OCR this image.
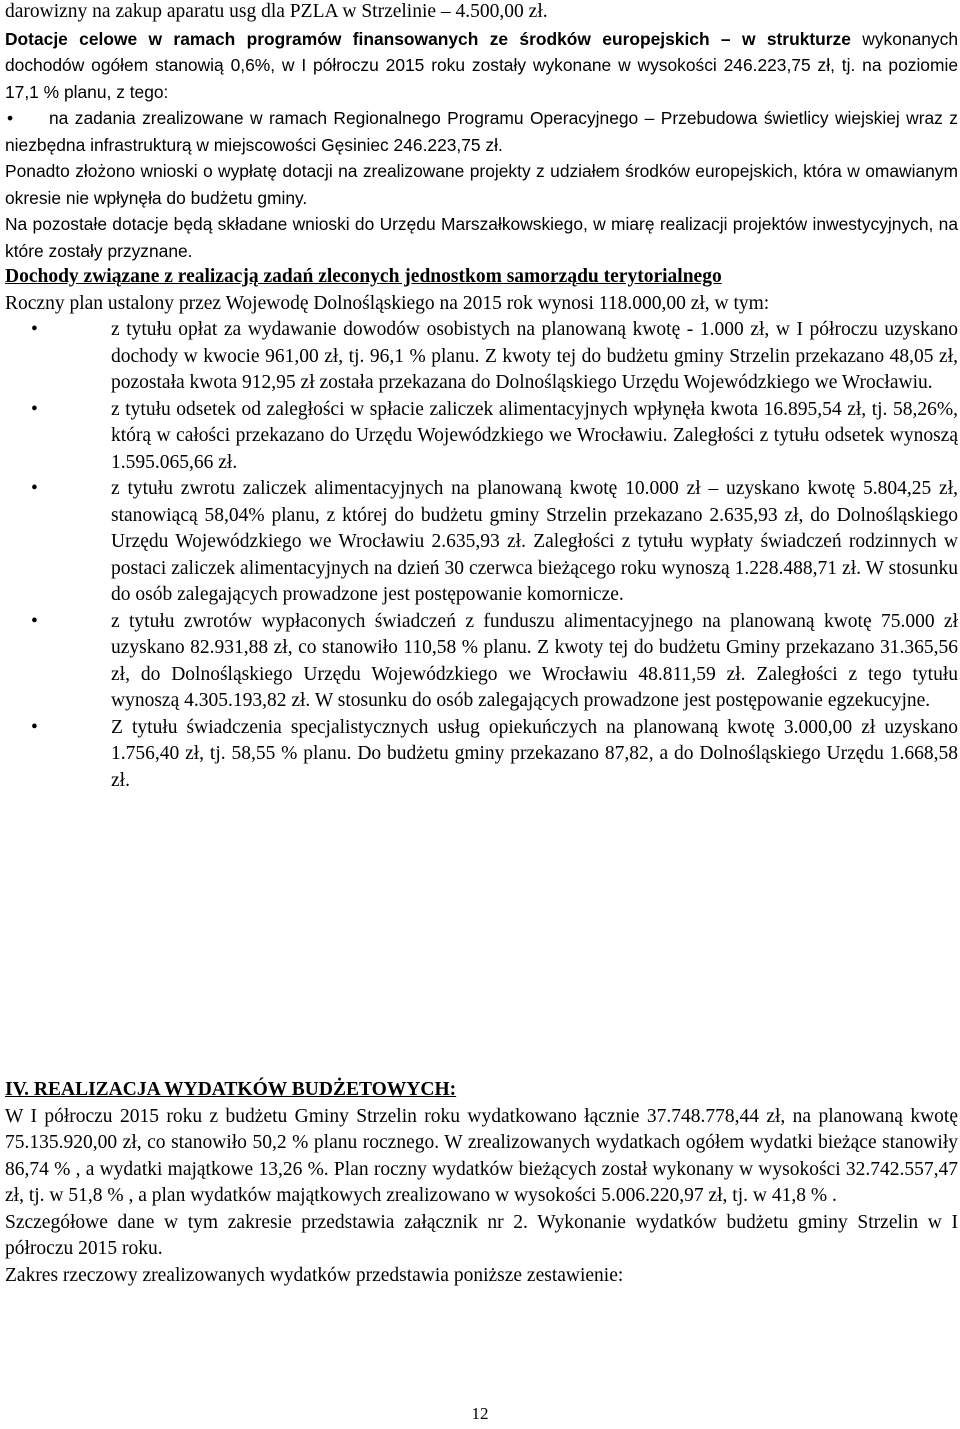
darowizny na zakup aparatu usg dla PZLA w Strzelinie – 4.500,00 zł.

Dotacje celowe w ramach programów finansowanych ze środków europejskich – w strukturze wykonanych dochodów ogółem stanowią 0,6%, w I półroczu 2015 roku zostały wykonane w wysokości 246.223,75 zł, tj. na poziomie 17,1 % planu, z tego:

•	na zadania zrealizowane w ramach Regionalnego Programu Operacyjnego – Przebudowa świetlicy wiejskiej wraz z niezbędna infrastrukturą w miejscowości Gęsiniec 246.223,75 zł.

Ponadto złożono wnioski o wypłatę dotacji na zrealizowane projekty z udziałem środków europejskich, która w omawianym okresie nie wpłynęła do budżetu gminy.

Na pozostałe dotacje będą składane wnioski do Urzędu Marszałkowskiego, w miarę realizacji projektów inwestycyjnych, na które zostały przyznane.

Dochody związane z realizacją zadań zleconych jednostkom samorządu terytorialnego

Roczny plan ustalony przez Wojewodę Dolnośląskiego na 2015 rok wynosi 118.000,00 zł, w tym:

•	z tytułu opłat za wydawanie dowodów osobistych na planowaną kwotę - 1.000 zł, w I półroczu uzyskano dochody w kwocie 961,00 zł, tj. 96,1 % planu. Z kwoty tej do budżetu gminy Strzelin przekazano 48,05 zł, pozostała kwota 912,95 zł została przekazana do Dolnośląskiego Urzędu Wojewódzkiego we Wrocławiu.
•	z tytułu odsetek od zaległości w spłacie zaliczek alimentacyjnych wpłynęła kwota 16.895,54 zł, tj. 58,26%, którą w całości przekazano do Urzędu Wojewódzkiego we Wrocławiu. Zaległości z tytułu odsetek wynoszą 1.595.065,66 zł.
•	z tytułu zwrotu zaliczek alimentacyjnych na planowaną kwotę 10.000 zł – uzyskano kwotę 5.804,25 zł, stanowiącą 58,04% planu, z której do budżetu gminy Strzelin przekazano 2.635,93 zł, do Dolnośląskiego Urzędu Wojewódzkiego we Wrocławiu 2.635,93 zł. Zaległości z tytułu wypłaty świadczeń rodzinnych w postaci zaliczek alimentacyjnych na dzień 30 czerwca bieżącego roku wynoszą 1.228.488,71 zł. W stosunku do osób zalegających prowadzone jest postępowanie komornicze.
•	z tytułu zwrotów wypłaconych świadczeń z funduszu alimentacyjnego na planowaną kwotę 75.000 zł uzyskano 82.931,88 zł, co stanowiło 110,58 % planu. Z kwoty tej do budżetu Gminy przekazano 31.365,56 zł, do Dolnośląskiego Urzędu Wojewódzkiego we Wrocławiu 48.811,59 zł. Zaległości z tego tytułu wynoszą 4.305.193,82 zł. W stosunku do osób zalegających prowadzone jest postępowanie egzekucyjne.
•	Z tytułu świadczenia specjalistycznych usług opiekuńczych na planowaną kwotę 3.000,00 zł uzyskano 1.756,40 zł, tj. 58,55 % planu. Do budżetu gminy przekazano 87,82, a do Dolnośląskiego Urzędu 1.668,58 zł.

IV. REALIZACJA WYDATKÓW BUDŻETOWYCH:

W I półroczu 2015 roku z budżetu Gminy Strzelin roku wydatkowano łącznie 37.748.778,44 zł, na planowaną kwotę 75.135.920,00 zł, co stanowiło 50,2 % planu rocznego. W zrealizowanych wydatkach ogółem wydatki bieżące stanowiły 86,74 % , a wydatki majątkowe 13,26 %. Plan roczny wydatków bieżących został wykonany w wysokości 32.742.557,47 zł, tj. w 51,8 % , a plan wydatków majątkowych zrealizowano w wysokości 5.006.220,97 zł, tj. w 41,8 % .

Szczegółowe dane w tym zakresie przedstawia załącznik nr 2. Wykonanie wydatków budżetu gminy Strzelin w I półroczu 2015 roku.

Zakres rzeczowy zrealizowanych wydatków przedstawia poniższe zestawienie:

12
